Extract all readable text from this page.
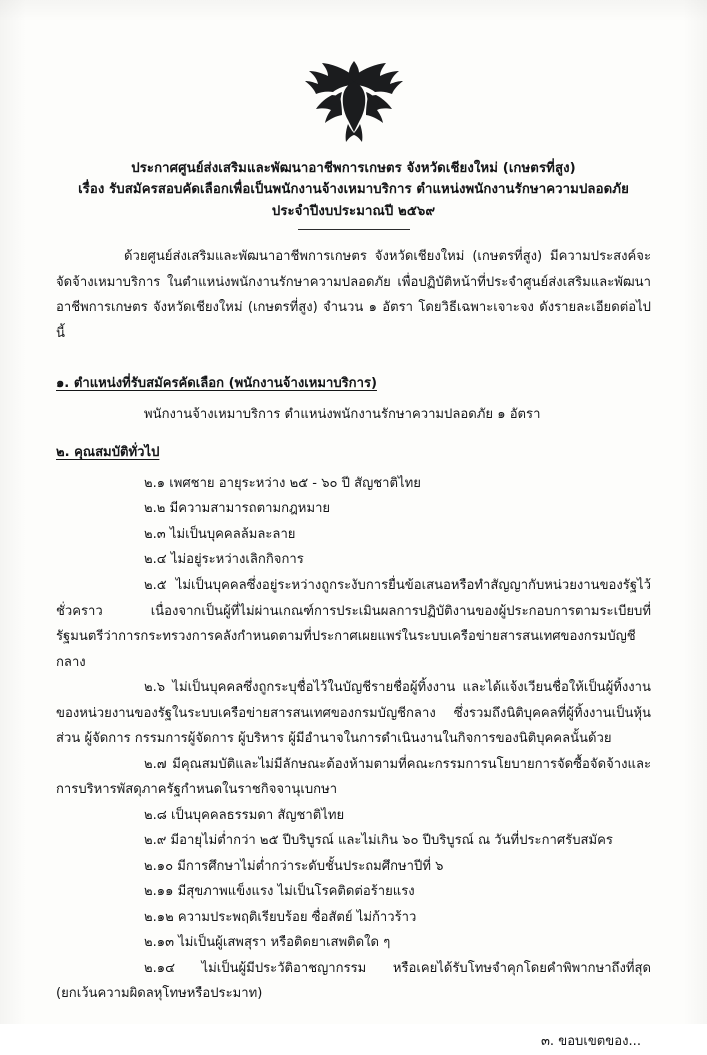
ประกาศศูนย์ส่งเสริมและพัฒนาอาชีพการเกษตร จังหวัดเชียงใหม่ (เกษตรที่สูง)
เรื่อง รับสมัครสอบคัดเลือกเพื่อเป็นพนักงานจ้างเหมาบริการ ตำแหน่งพนักงานรักษาความปลอดภัย
ประจำปีงบประมาณปี ๒๕๖๙

ด้วยศูนย์ส่งเสริมและพัฒนาอาชีพการเกษตร จังหวัดเชียงใหม่ (เกษตรที่สูง) มีความประสงค์จะจัดจ้างเหมาบริการ ในตำแหน่งพนักงานรักษาความปลอดภัย เพื่อปฏิบัติหน้าที่ประจำศูนย์ส่งเสริมและพัฒนาอาชีพการเกษตร จังหวัดเชียงใหม่ (เกษตรที่สูง) จำนวน ๑ อัตรา โดยวิธีเฉพาะเจาะจง ดังรายละเอียดต่อไปนี้

๑. ตำแหน่งที่รับสมัครคัดเลือก (พนักงานจ้างเหมาบริการ)

พนักงานจ้างเหมาบริการ ตำแหน่งพนักงานรักษาความปลอดภัย ๑ อัตรา

๒. คุณสมบัติทั่วไป

๒.๑ เพศชาย อายุระหว่าง ๒๕ - ๖๐ ปี สัญชาติไทย

๒.๒ มีความสามารถตามกฎหมาย

๒.๓ ไม่เป็นบุคคลล้มละลาย

๒.๔ ไม่อยู่ระหว่างเลิกกิจการ

๒.๕ ไม่เป็นบุคคลซึ่งอยู่ระหว่างถูกระงับการยื่นข้อเสนอหรือทำสัญญากับหน่วยงานของรัฐไว้ชั่วคราว เนื่องจากเป็นผู้ที่ไม่ผ่านเกณฑ์การประเมินผลการปฏิบัติงานของผู้ประกอบการตามระเบียบที่รัฐมนตรีว่าการกระทรวงการคลังกำหนดตามที่ประกาศเผยแพร่ในระบบเครือข่ายสารสนเทศของกรมบัญชีกลาง

๒.๖ ไม่เป็นบุคคลซึ่งถูกระบุชื่อไว้ในบัญชีรายชื่อผู้ทิ้งงาน และได้แจ้งเวียนชื่อให้เป็นผู้ทิ้งงานของหน่วยงานของรัฐในระบบเครือข่ายสารสนเทศของกรมบัญชีกลาง ซึ่งรวมถึงนิติบุคคลที่ผู้ทิ้งงานเป็นหุ้นส่วน ผู้จัดการ กรรมการผู้จัดการ ผู้บริหาร ผู้มีอำนาจในการดำเนินงานในกิจการของนิติบุคคลนั้นด้วย

๒.๗ มีคุณสมบัติและไม่มีลักษณะต้องห้ามตามที่คณะกรรมการนโยบายการจัดซื้อจัดจ้างและการบริหารพัสดุภาครัฐกำหนดในราชกิจจานุเบกษา

๒.๘ เป็นบุคคลธรรมดา สัญชาติไทย

๒.๙ มีอายุไม่ต่ำกว่า ๒๕ ปีบริบูรณ์ และไม่เกิน ๖๐ ปีบริบูรณ์ ณ วันที่ประกาศรับสมัคร

๒.๑๐ มีการศึกษาไม่ต่ำกว่าระดับชั้นประถมศึกษาปีที่ ๖

๒.๑๑ มีสุขภาพแข็งแรง ไม่เป็นโรคติดต่อร้ายแรง

๒.๑๒ ความประพฤติเรียบร้อย ซื่อสัตย์ ไม่ก้าวร้าว

๒.๑๓ ไม่เป็นผู้เสพสุรา หรือติดยาเสพติดใด ๆ

๒.๑๔ ไม่เป็นผู้มีประวัติอาชญากรรม หรือเคยได้รับโทษจำคุกโดยคำพิพากษาถึงที่สุด (ยกเว้นความผิดลหุโทษหรือประมาท)

๓. ขอบเขตของ...
